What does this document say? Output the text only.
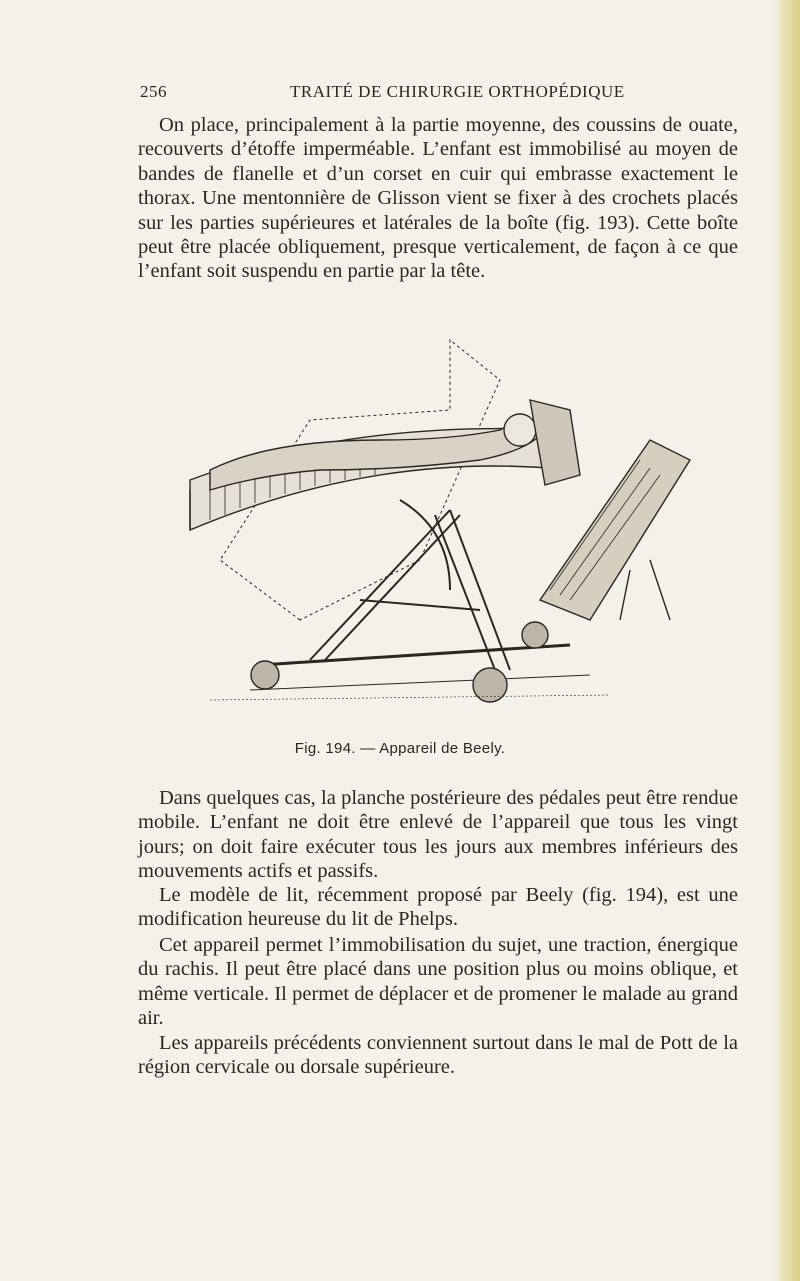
256	TRAITÉ DE CHIRURGIE ORTHOPÉDIQUE

On place, principalement à la partie moyenne, des coussins de ouate, recouverts d’étoffe imperméable. L’enfant est immobilisé au moyen de bandes de flanelle et d’un corset en cuir qui embrasse exactement le thorax. Une mentonnière de Glisson vient se fixer à des crochets placés sur les parties supérieures et latérales de la boîte (fig. 193). Cette boîte peut être placée obliquement, presque verticalement, de façon à ce que l’enfant soit suspendu en partie par la tête.

Fig. 194. — Appareil de Beely.

Dans quelques cas, la planche postérieure des pédales peut être rendue mobile. L’enfant ne doit être enlevé de l’appareil que tous les vingt jours; on doit faire exécuter tous les jours aux membres inférieurs des mouvements actifs et passifs.

Le modèle de lit, récemment proposé par Beely (fig. 194), est une modification heureuse du lit de Phelps.

Cet appareil permet l’immobilisation du sujet, une traction, énergique du rachis. Il peut être placé dans une position plus ou moins oblique, et même verticale. Il permet de déplacer et de promener le malade au grand air.

Les appareils précédents conviennent surtout dans le mal de Pott de la région cervicale ou dorsale supérieure.
